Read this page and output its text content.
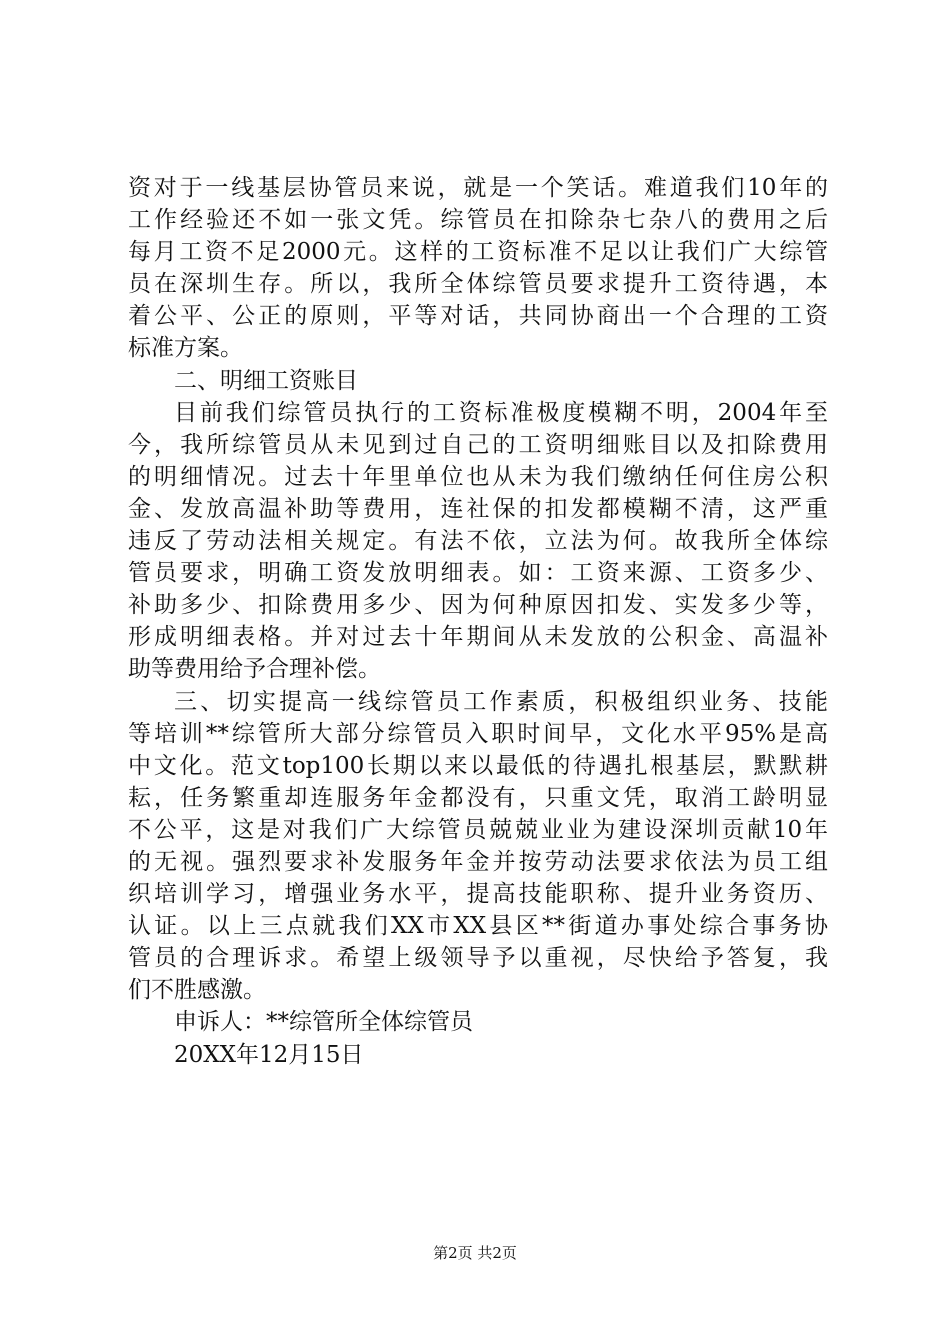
资对于一线基层协管员来说，就是一个笑话。难道我们10年的
工作经验还不如一张文凭。综管员在扣除杂七杂八的费用之后
每月工资不足2000元。这样的工资标准不足以让我们广大综管
员在深圳生存。所以，我所全体综管员要求提升工资待遇，本
着公平、公正的原则，平等对话，共同协商出一个合理的工资
标准方案。
二、明细工资账目
目前我们综管员执行的工资标准极度模糊不明，2004年至
今，我所综管员从未见到过自己的工资明细账目以及扣除费用
的明细情况。过去十年里单位也从未为我们缴纳任何住房公积
金、发放高温补助等费用，连社保的扣发都模糊不清，这严重
违反了劳动法相关规定。有法不依，立法为何。故我所全体综
管员要求，明确工资发放明细表。如：工资来源、工资多少、
补助多少、扣除费用多少、因为何种原因扣发、实发多少等，
形成明细表格。并对过去十年期间从未发放的公积金、高温补
助等费用给予合理补偿。
三、切实提高一线综管员工作素质，积极组织业务、技能
等培训**综管所大部分综管员入职时间早，文化水平95%是高
中文化。范文top100长期以来以最低的待遇扎根基层，默默耕
耘，任务繁重却连服务年金都没有，只重文凭，取消工龄明显
不公平，这是对我们广大综管员兢兢业业为建设深圳贡献10年
的无视。强烈要求补发服务年金并按劳动法要求依法为员工组
织培训学习，增强业务水平，提高技能职称、提升业务资历、
认证。以上三点就我们XX市XX县区**街道办事处综合事务协
管员的合理诉求。希望上级领导予以重视，尽快给予答复，我
们不胜感激。
申诉人：**综管所全体综管员
20XX年12月15日
第2页 共2页
